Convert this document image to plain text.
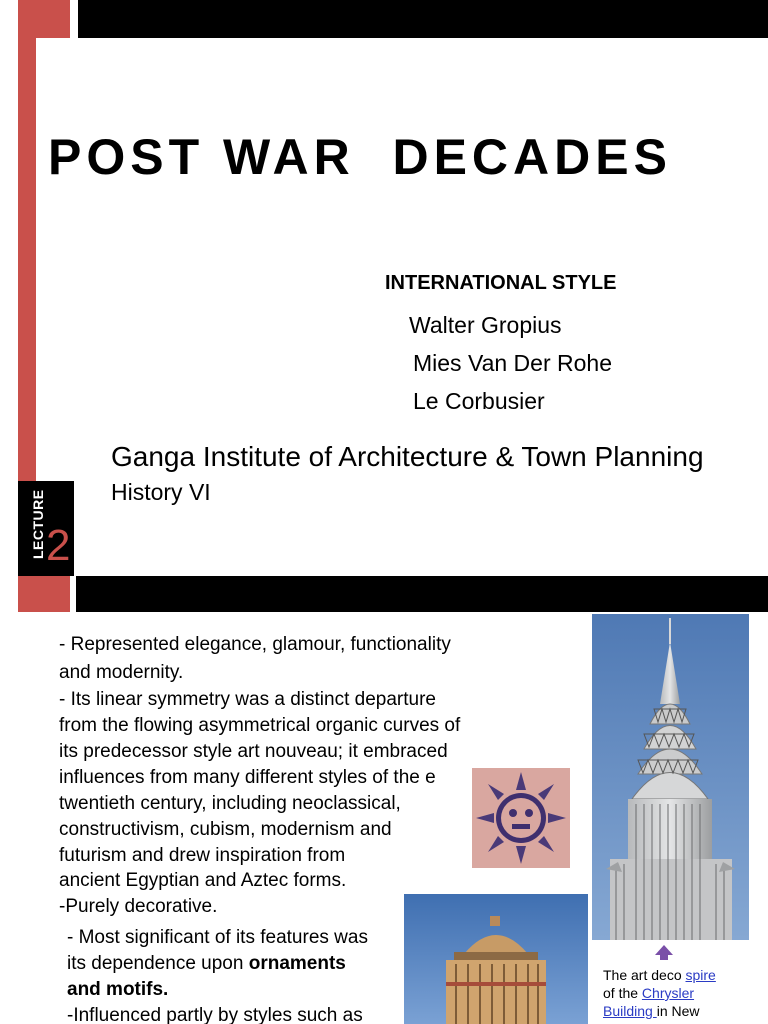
POST WAR  DECADES
INTERNATIONAL STYLE
Walter Gropius
Mies Van Der Rohe
Le Corbusier
Ganga Institute of Architecture & Town Planning
History VI
LECTURE 2
- Represented elegance, glamour, functionality
and modernity.
- Its linear symmetry was a distinct departure
from the flowing asymmetrical organic curves of
its predecessor style art nouveau; it embraced
influences from many different styles of the e
twentieth century, including neoclassical,
constructivism, cubism, modernism and
futurism and drew inspiration from
ancient Egyptian and Aztec forms.
-Purely decorative.
- Most significant of its features was
its dependence upon ornaments
and motifs.
-Influenced partly by styles such as
The art deco spire
of the Chrysler Building in New
